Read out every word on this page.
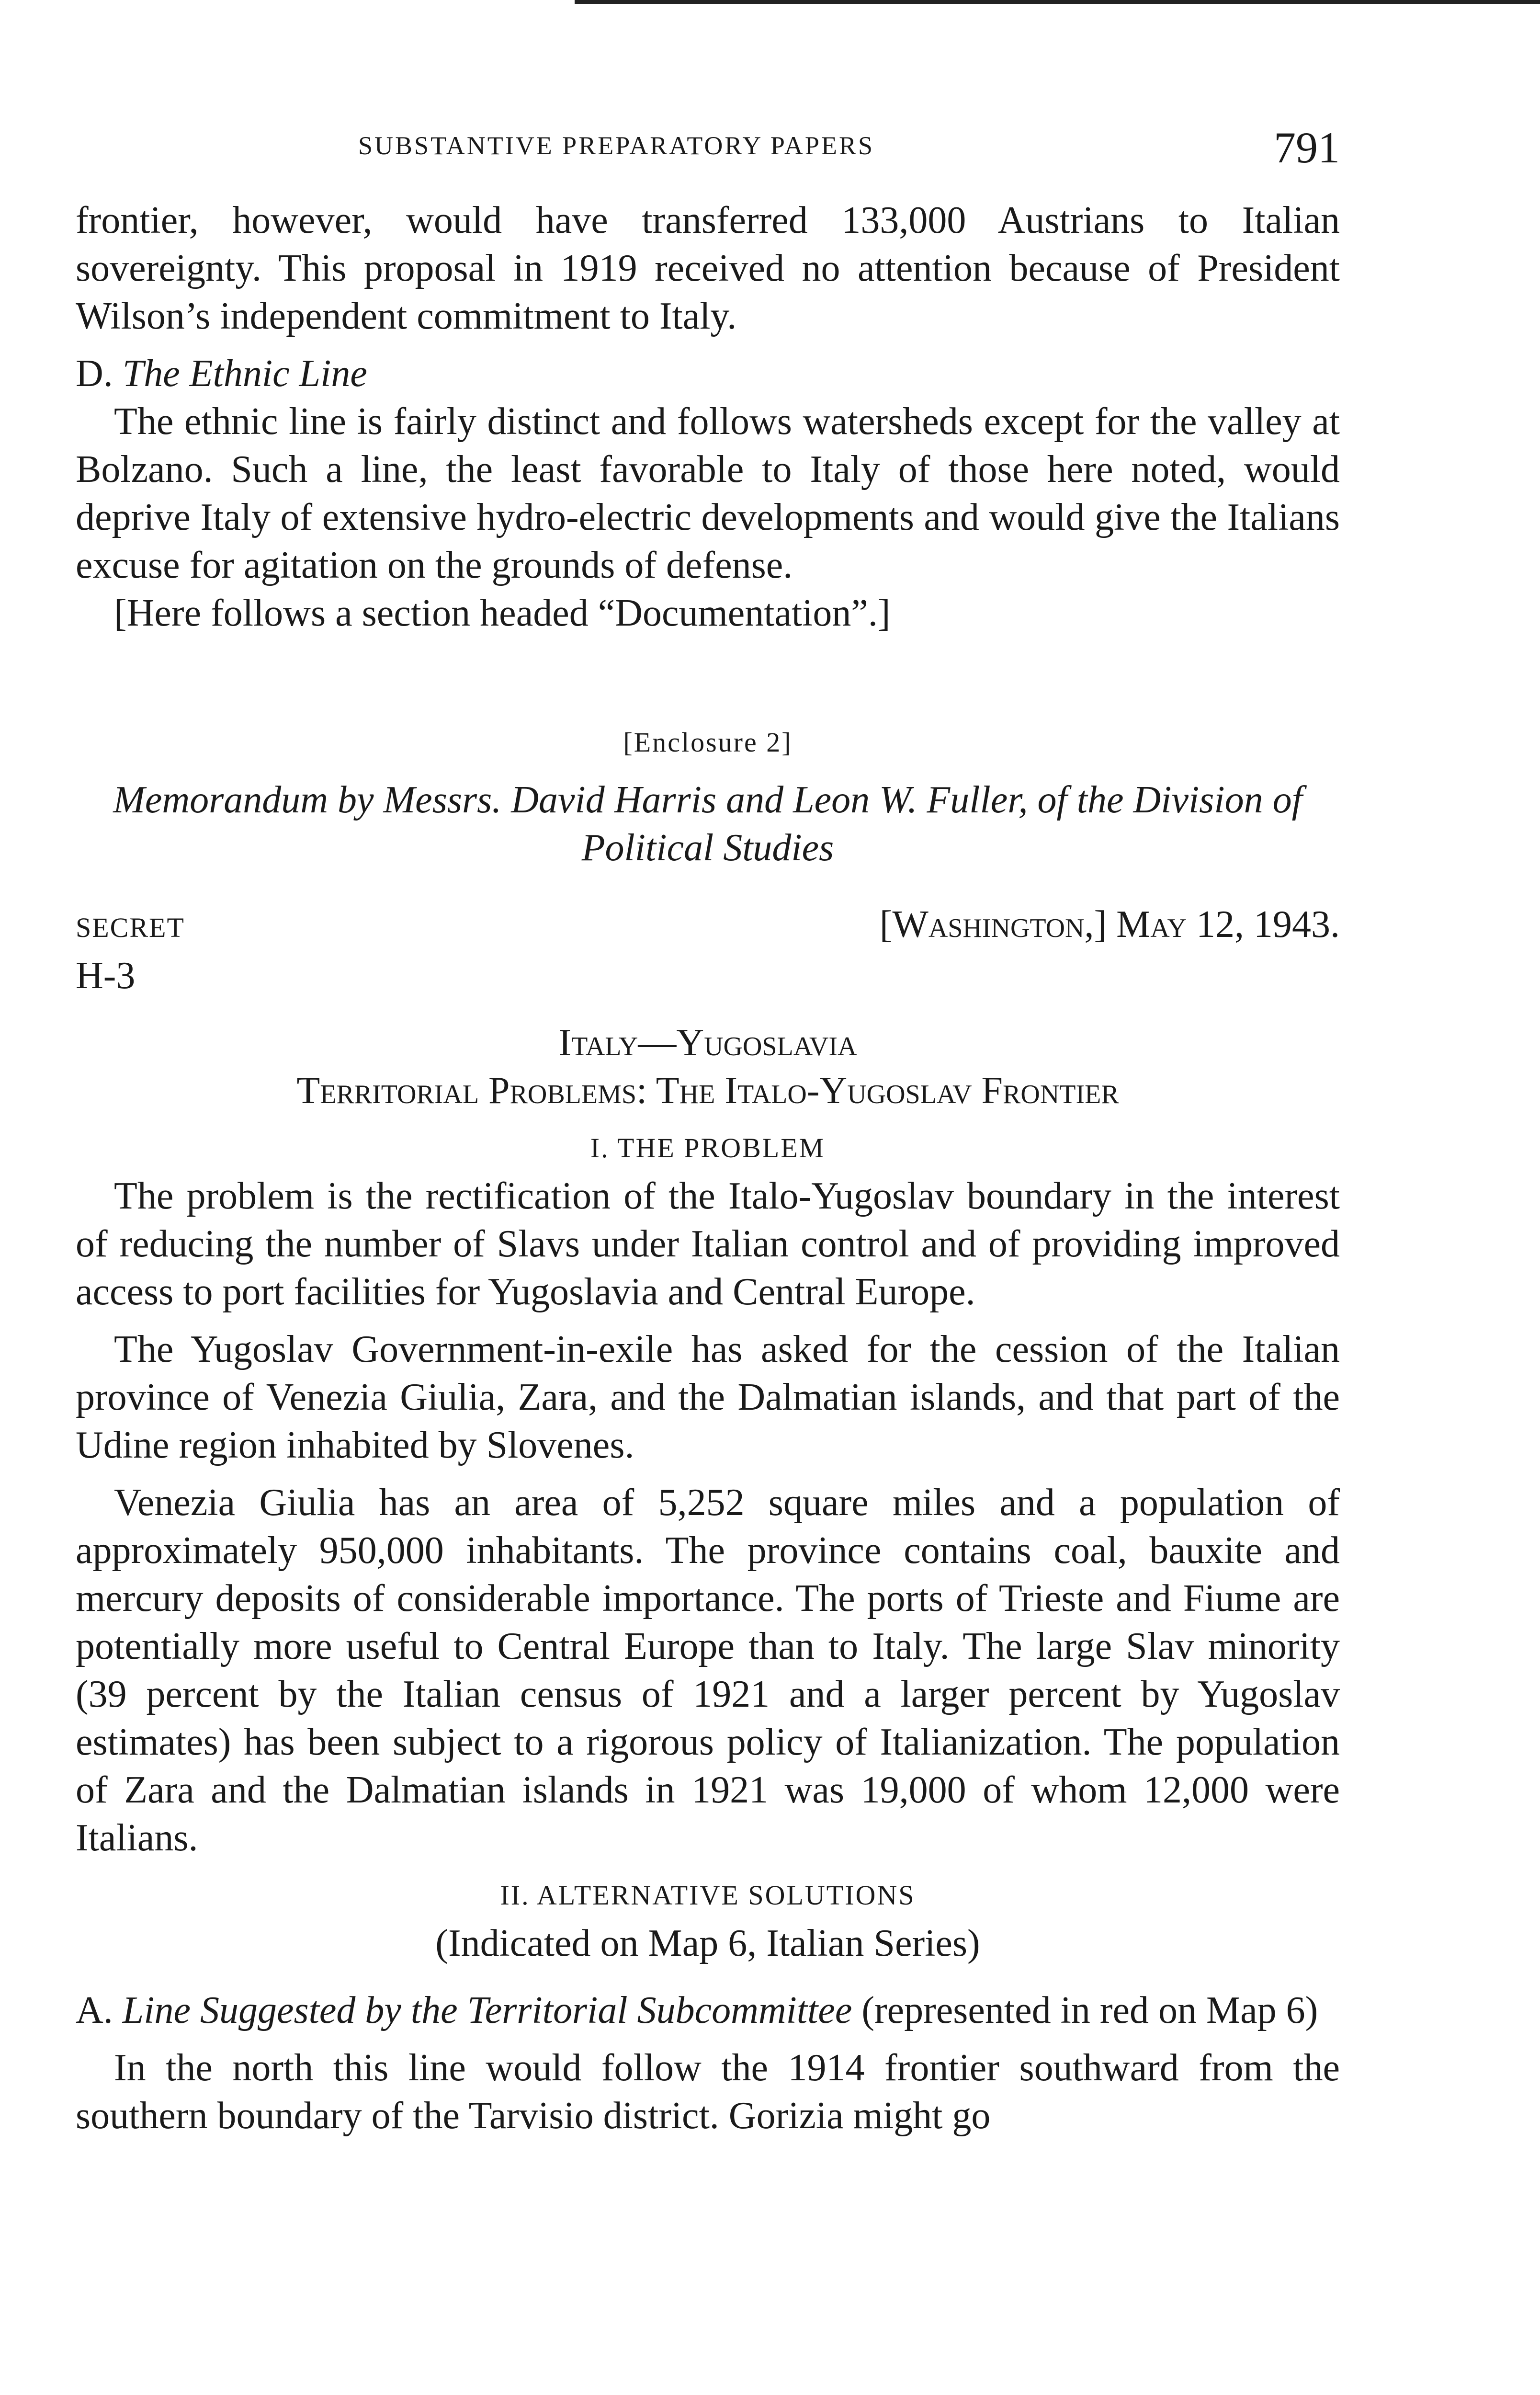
SUBSTANTIVE PREPARATORY PAPERS	791

frontier, however, would have transferred 133,000 Austrians to Italian sovereignty. This proposal in 1919 received no attention because of President Wilson’s independent commitment to Italy.

D. The Ethnic Line

The ethnic line is fairly distinct and follows watersheds except for the valley at Bolzano. Such a line, the least favorable to Italy of those here noted, would deprive Italy of extensive hydro-electric developments and would give the Italians excuse for agitation on the grounds of defense.

[Here follows a section headed “Documentation”.]

[Enclosure 2]

Memorandum by Messrs. David Harris and Leon W. Fuller, of the Division of Political Studies

SECRET	[Washington,] May 12, 1943.

H-3

Italy—Yugoslavia

Territorial Problems: The Italo-Yugoslav Frontier

I. THE PROBLEM

The problem is the rectification of the Italo-Yugoslav boundary in the interest of reducing the number of Slavs under Italian control and of providing improved access to port facilities for Yugoslavia and Central Europe.

The Yugoslav Government-in-exile has asked for the cession of the Italian province of Venezia Giulia, Zara, and the Dalmatian islands, and that part of the Udine region inhabited by Slovenes.

Venezia Giulia has an area of 5,252 square miles and a population of approximately 950,000 inhabitants. The province contains coal, bauxite and mercury deposits of considerable importance. The ports of Trieste and Fiume are potentially more useful to Central Europe than to Italy. The large Slav minority (39 percent by the Italian census of 1921 and a larger percent by Yugoslav estimates) has been subject to a rigorous policy of Italianization. The population of Zara and the Dalmatian islands in 1921 was 19,000 of whom 12,000 were Italians.

II. ALTERNATIVE SOLUTIONS

(Indicated on Map 6, Italian Series)

A. Line Suggested by the Territorial Subcommittee (represented in red on Map 6)

In the north this line would follow the 1914 frontier southward from the southern boundary of the Tarvisio district. Gorizia might go
